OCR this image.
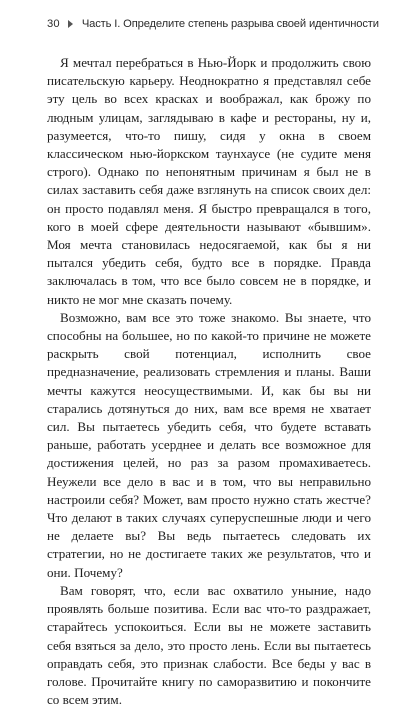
30 Часть I. Определите степень разрыва своей идентичности

Я мечтал перебраться в Нью-Йорк и продолжить свою писательскую карьеру. Неоднократно я представлял себе эту цель во всех красках и воображал, как брожу по людным улицам, заглядываю в кафе и рестораны, ну и, разумеется, что-то пишу, сидя у окна в своем классическом нью-йоркском таунхаусе (не судите меня строго). Однако по непонятным причинам я был не в силах заставить себя даже взглянуть на список своих дел: он просто подавлял меня. Я быстро превращался в того, кого в моей сфере деятельности называют «бывшим». Моя мечта становилась недосягаемой, как бы я ни пытался убедить себя, будто все в порядке. Правда заключалась в том, что все было совсем не в порядке, и никто не мог мне сказать почему.

Возможно, вам все это тоже знакомо. Вы знаете, что способны на большее, но по какой-то причине не можете раскрыть свой потенциал, исполнить свое предназначение, реализовать стремления и планы. Ваши мечты кажутся неосуществимыми. И, как бы вы ни старались дотянуться до них, вам все время не хватает сил. Вы пытаетесь убедить себя, что будете вставать раньше, работать усерднее и делать все возможное для достижения целей, но раз за разом промахиваетесь. Неужели все дело в вас и в том, что вы неправильно настроили себя? Может, вам просто нужно стать жестче? Что делают в таких случаях суперуспешные люди и чего не делаете вы? Вы ведь пытаетесь следовать их стратегии, но не достигаете таких же результатов, что и они. Почему?

Вам говорят, что, если вас охватило уныние, надо проявлять больше позитива. Если вас что-то раздражает, старайтесь успокоиться. Если вы не можете заставить себя взяться за дело, это просто лень. Если вы пытаетесь оправдать себя, это признак слабости. Все беды у вас в голове. Прочитайте книгу по саморазвитию и покончите со всем этим.
